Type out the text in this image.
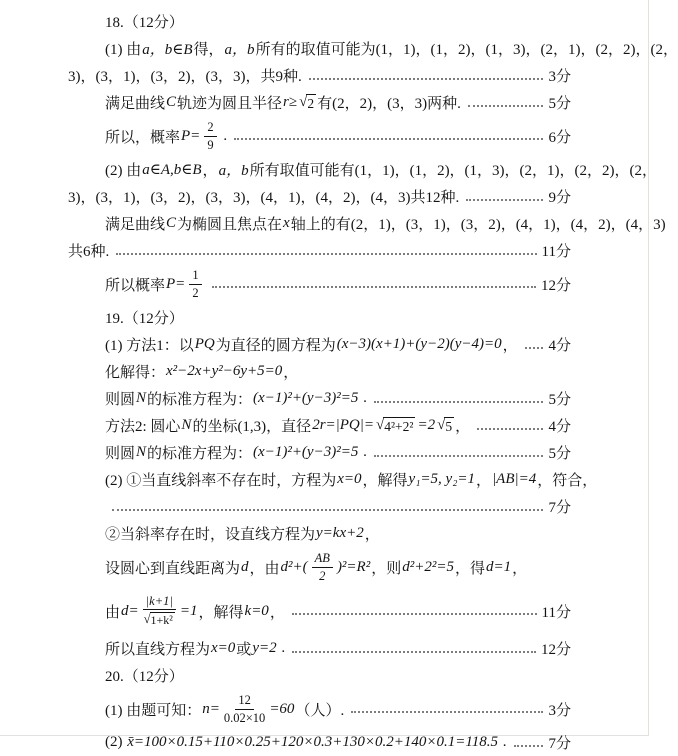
18.（12分）
(1) 由 a，b∈B 得， a，b 所有的取值可能为(1，1)，(1，2)，(1，3)，(2，1)，(2，2)，(2，
3)，(3，1)，(3，2)，(3，3)，共9种.	3分
满足曲线 C 轨迹为圆且半径 r≥ √ 2 有(2，2)，(3，3)两种.	5分
所以，概率 $P= \frac{2}{9}$ .	6分
(2) 由 a∈A,b∈B ， a，b 所有取值可能有(1，1)，(1，2)，(1，3)，(2，1)，(2，2)，(2，
3)，(3，1)，(3，2)，(3，3)，(4，1)，(4，2)，(4，3)共12种.	9分
满足曲线 C 为椭圆且焦点在 x 轴上的有(2，1)，(3，1)，(3，2)，(4，1)，(4，2)，(4，3)
共6种.	11分
所以概率 $P= \frac{1}{2}$	12分
19.（12分）
(1) 方法1：以 PQ 为直径的圆方程为 (x−3)(x+1)+(y−2)(y−4)=0 ， 4分
化解得： x²−2x+y²−6y+5=0 ，
则圆 N 的标准方程为： (x−1)²+(y−3)²=5 .	5分
方法2: 圆心 N 的坐标(1,3)，直径 2r=|PQ|= √ 4²+2² =2 √ 5 ，	4分
则圆 N 的标准方程为： (x−1)²+(y−3)²=5 .	5分
(2) ①当直线斜率不存在时，方程为 x=0 ，解得 y₁=5, y₂=1 ， |AB|=4 ，符合，
7分
②当斜率存在时，设直线方程为 y=kx+2 ，
设圆心到直线距离为 d ，由 $d^2+( \frac{AB}{2} )^2=R^2$ ，则 d²+2²=5 ，得 d=1 ，
由 $d= \frac{|k+1|}{\text{√ 1+k²}} =1$ ，解得 k=0 ，	11分
所以直线方程为 x=0 或 y=2 .	12分
20.（12分）
(1) 由题可知： $n= \frac{12}{0.02\times 10} =60$ （人）.	3分
(2) x̄=100×0.15+110×0.25+120×0.3+130×0.2+140×0.1=118.5 .	7分
